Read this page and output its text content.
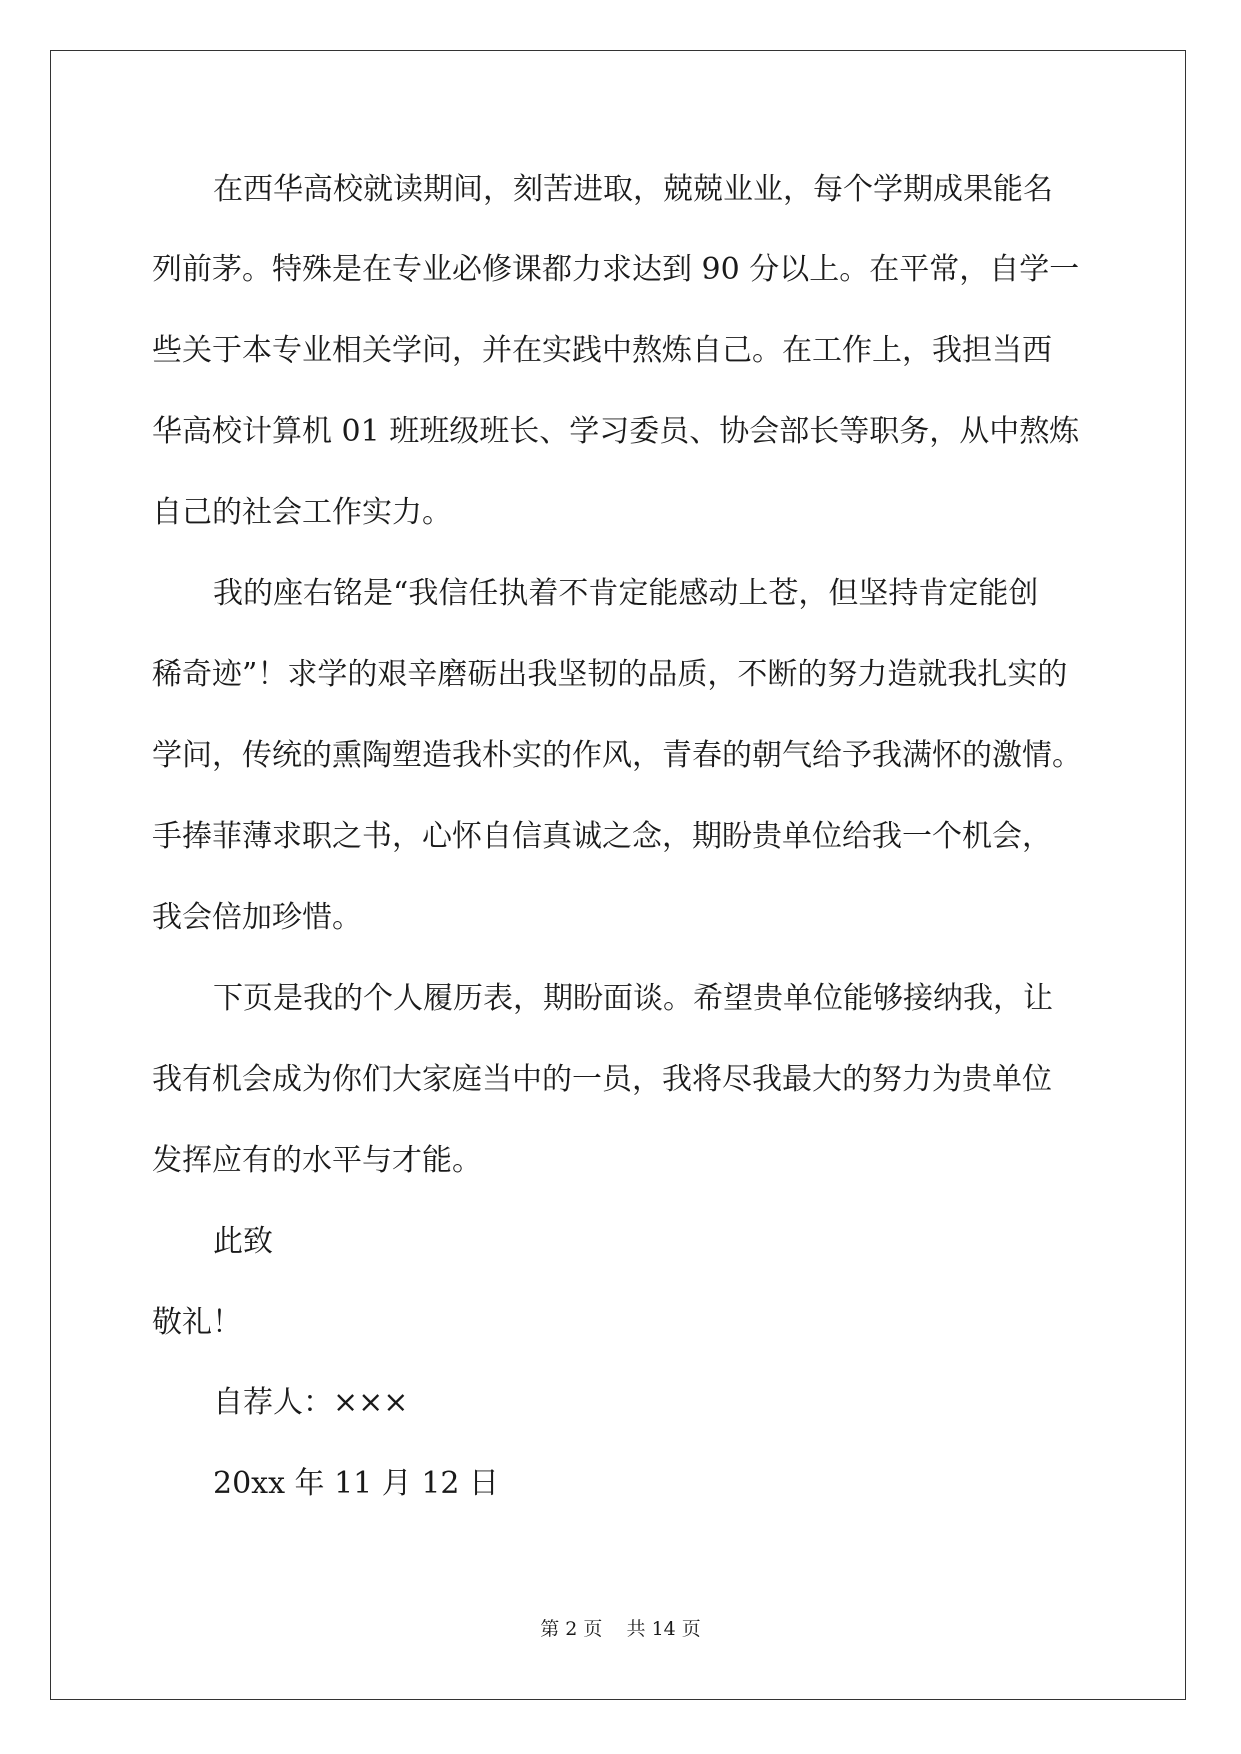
在西华高校就读期间，刻苦进取，兢兢业业，每个学期成果能名
列前茅。特殊是在专业必修课都力求达到 90 分以上。在平常，自学一
些关于本专业相关学问，并在实践中熬炼自己。在工作上，我担当西
华高校计算机 01 班班级班长、学习委员、协会部长等职务，从中熬炼
自己的社会工作实力。
我的座右铭是“我信任执着不肯定能感动上苍，但坚持肯定能创
稀奇迹”！求学的艰辛磨砺出我坚韧的品质，不断的努力造就我扎实的
学问，传统的熏陶塑造我朴实的作风，青春的朝气给予我满怀的激情。
手捧菲薄求职之书，心怀自信真诚之念，期盼贵单位给我一个机会，
我会倍加珍惜。
下页是我的个人履历表，期盼面谈。希望贵单位能够接纳我，让
我有机会成为你们大家庭当中的一员，我将尽我最大的努力为贵单位
发挥应有的水平与才能。
此致
敬礼！
自荐人：×××
20xx 年 11 月 12 日
第 2 页    共 14 页
